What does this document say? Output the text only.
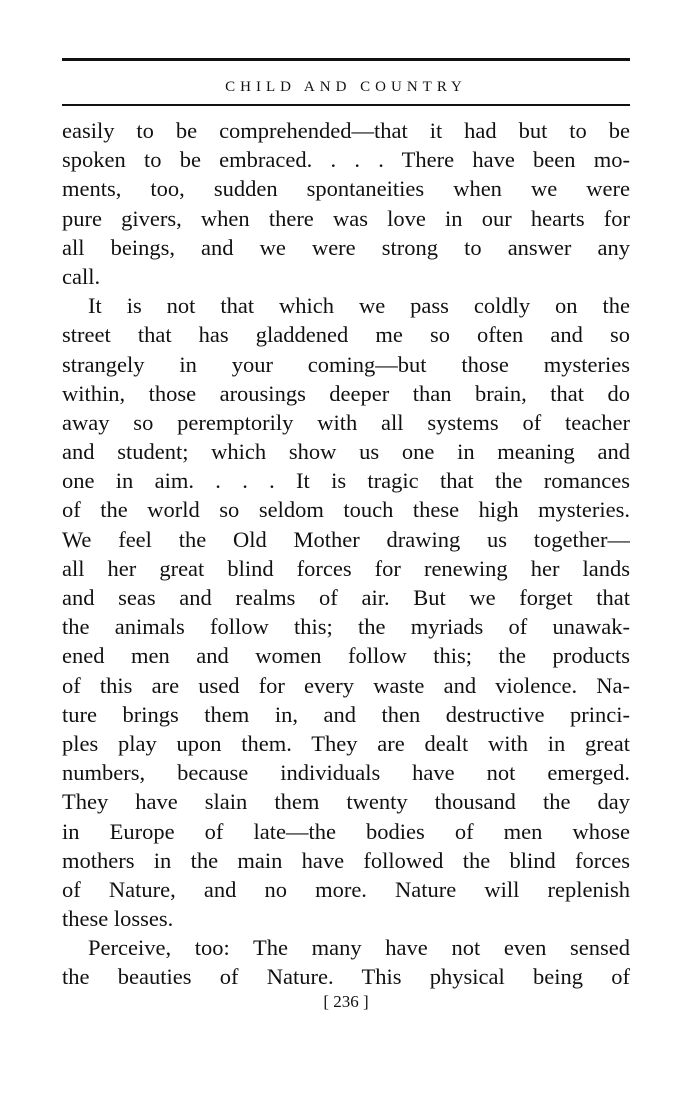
CHILD AND COUNTRY
easily to be comprehended—that it had but to be
spoken to be embraced. . . . There have been mo-
ments, too, sudden spontaneities when we were
pure givers, when there was love in our hearts for
all beings, and we were strong to answer any
call.
It is not that which we pass coldly on the
street that has gladdened me so often and so
strangely in your coming—but those mysteries
within, those arousings deeper than brain, that do
away so peremptorily with all systems of teacher
and student; which show us one in meaning and
one in aim. . . . It is tragic that the romances
of the world so seldom touch these high mysteries.
We feel the Old Mother drawing us together—
all her great blind forces for renewing her lands
and seas and realms of air. But we forget that
the animals follow this; the myriads of unawak-
ened men and women follow this; the products
of this are used for every waste and violence. Na-
ture brings them in, and then destructive princi-
ples play upon them. They are dealt with in great
numbers, because individuals have not emerged.
They have slain them twenty thousand the day
in Europe of late—the bodies of men whose
mothers in the main have followed the blind forces
of Nature, and no more. Nature will replenish
these losses.
Perceive, too: The many have not even sensed
the beauties of Nature. This physical being of
[ 236 ]
